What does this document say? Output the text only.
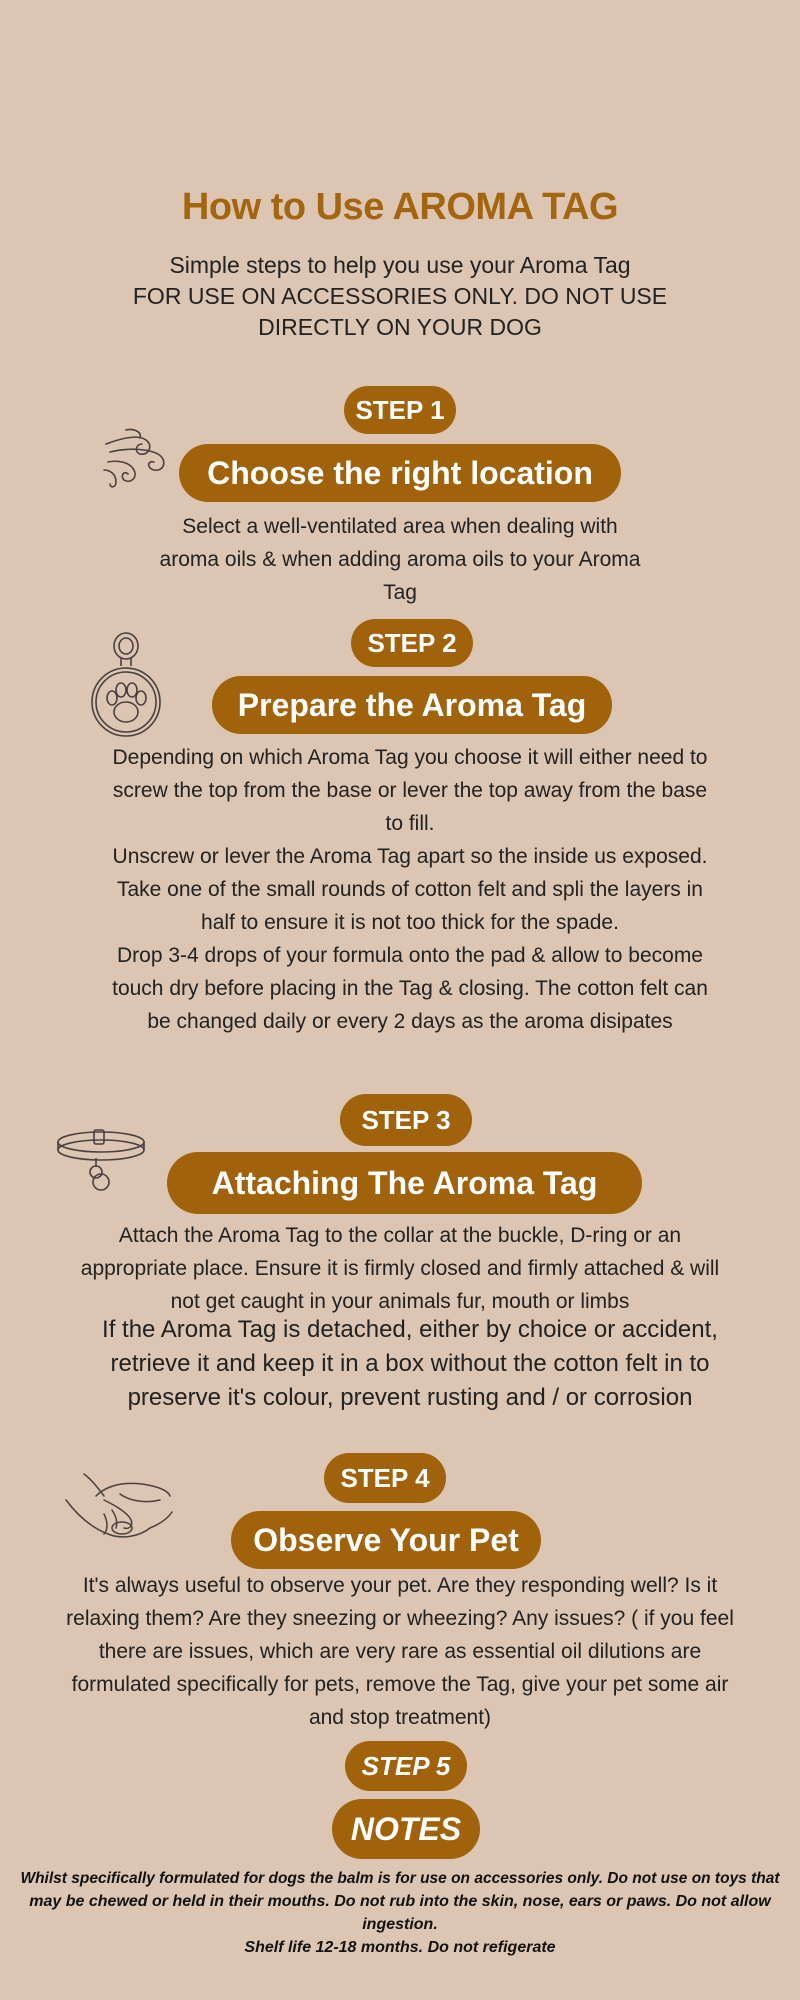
How to Use AROMA TAG
Simple steps to help you use your Aroma Tag
FOR USE ON ACCESSORIES ONLY. DO NOT USE
DIRECTLY ON YOUR DOG
STEP 1
Choose the right location
Select a well-ventilated area when dealing with
aroma oils & when adding aroma oils to your Aroma
Tag
STEP 2
Prepare the Aroma Tag
Depending on which Aroma Tag you choose it will either need to
screw the top from the base or lever the top away from the base
to fill.
Unscrew or lever the Aroma Tag apart so the inside us exposed.
Take one of the small rounds of cotton felt and spli the layers in
half to ensure it is not too thick for the spade.
Drop 3-4 drops of your formula onto the pad & allow to become
touch dry before placing in the Tag & closing. The cotton felt can
be changed daily or every 2 days as the aroma disipates
STEP 3
Attaching The Aroma Tag
Attach the Aroma Tag to the collar at the buckle, D-ring or an
appropriate place. Ensure it is firmly closed and firmly attached & will
not get caught in your animals fur, mouth or limbs
If the Aroma Tag is detached, either by choice or accident,
retrieve it and keep it in a box without the cotton felt in to
preserve it's colour, prevent rusting and / or corrosion
STEP 4
Observe Your Pet
It's always useful to observe your pet. Are they responding well? Is it
relaxing them? Are they sneezing or wheezing? Any issues? ( if you feel
there are issues, which are very rare as essential oil dilutions are
formulated specifically for pets, remove the Tag, give your pet some air
and stop treatment)
STEP 5
NOTES
Whilst specifically formulated for dogs the balm is for use on accessories only. Do not use on toys that
may be chewed or held in their mouths. Do not rub into the skin, nose, ears or paws. Do not allow
ingestion.
Shelf life 12-18 months. Do not refigerate
